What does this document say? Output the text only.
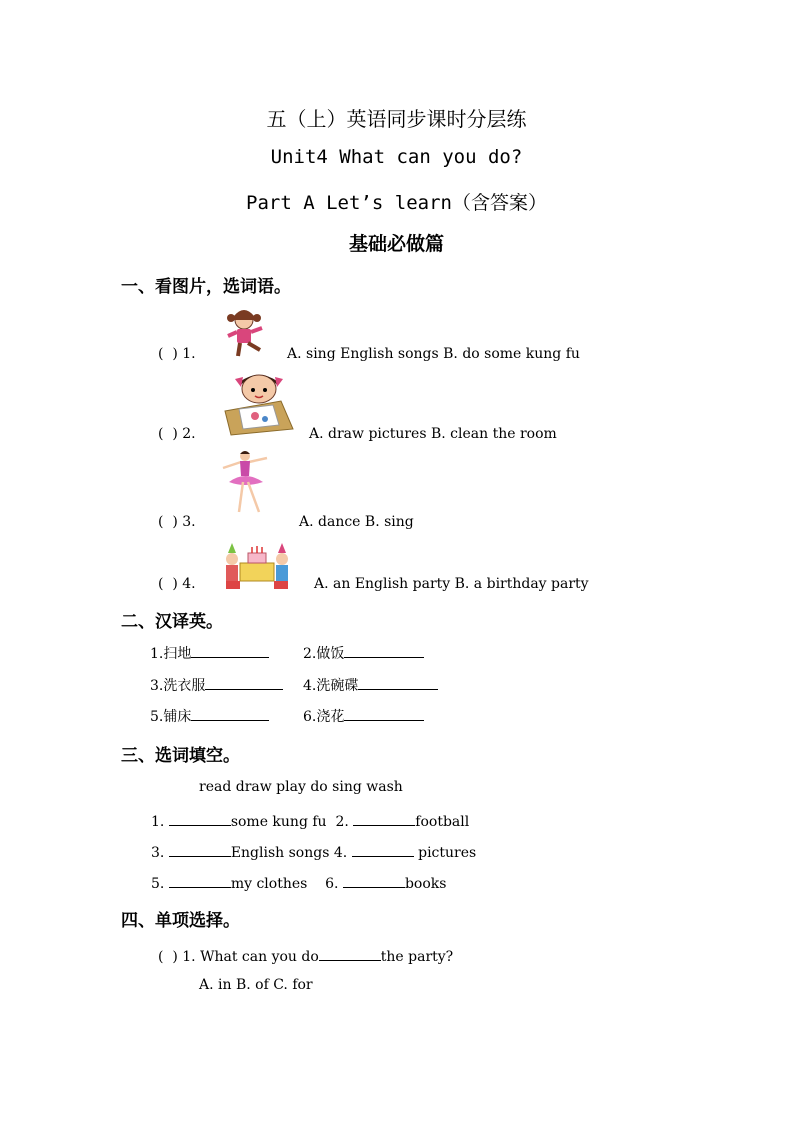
五（上）英语同步课时分层练
Unit4 What can you do?
Part A Let’s learn（含答案）
基础必做篇
一、看图片，选词语。
(  ) 1.	A. sing English songs B. do some kung fu
(  ) 2.	A. draw pictures B. clean the room
(  ) 3.	A. dance B. sing
(  ) 4.	A. an English party B. a birthday party
二、汉译英。
1.扫地	2.做饭
3.洗衣服	4.洗碗碟
5.铺床	6.浇花
三、选词填空。
read draw play do sing wash
1.	some kung fu 2.	football
3.	English songs 4.	pictures
5.	my clothes 6.	books
四、单项选择。
(  ) 1. What can you do	the party?
A. in B. of C. for
